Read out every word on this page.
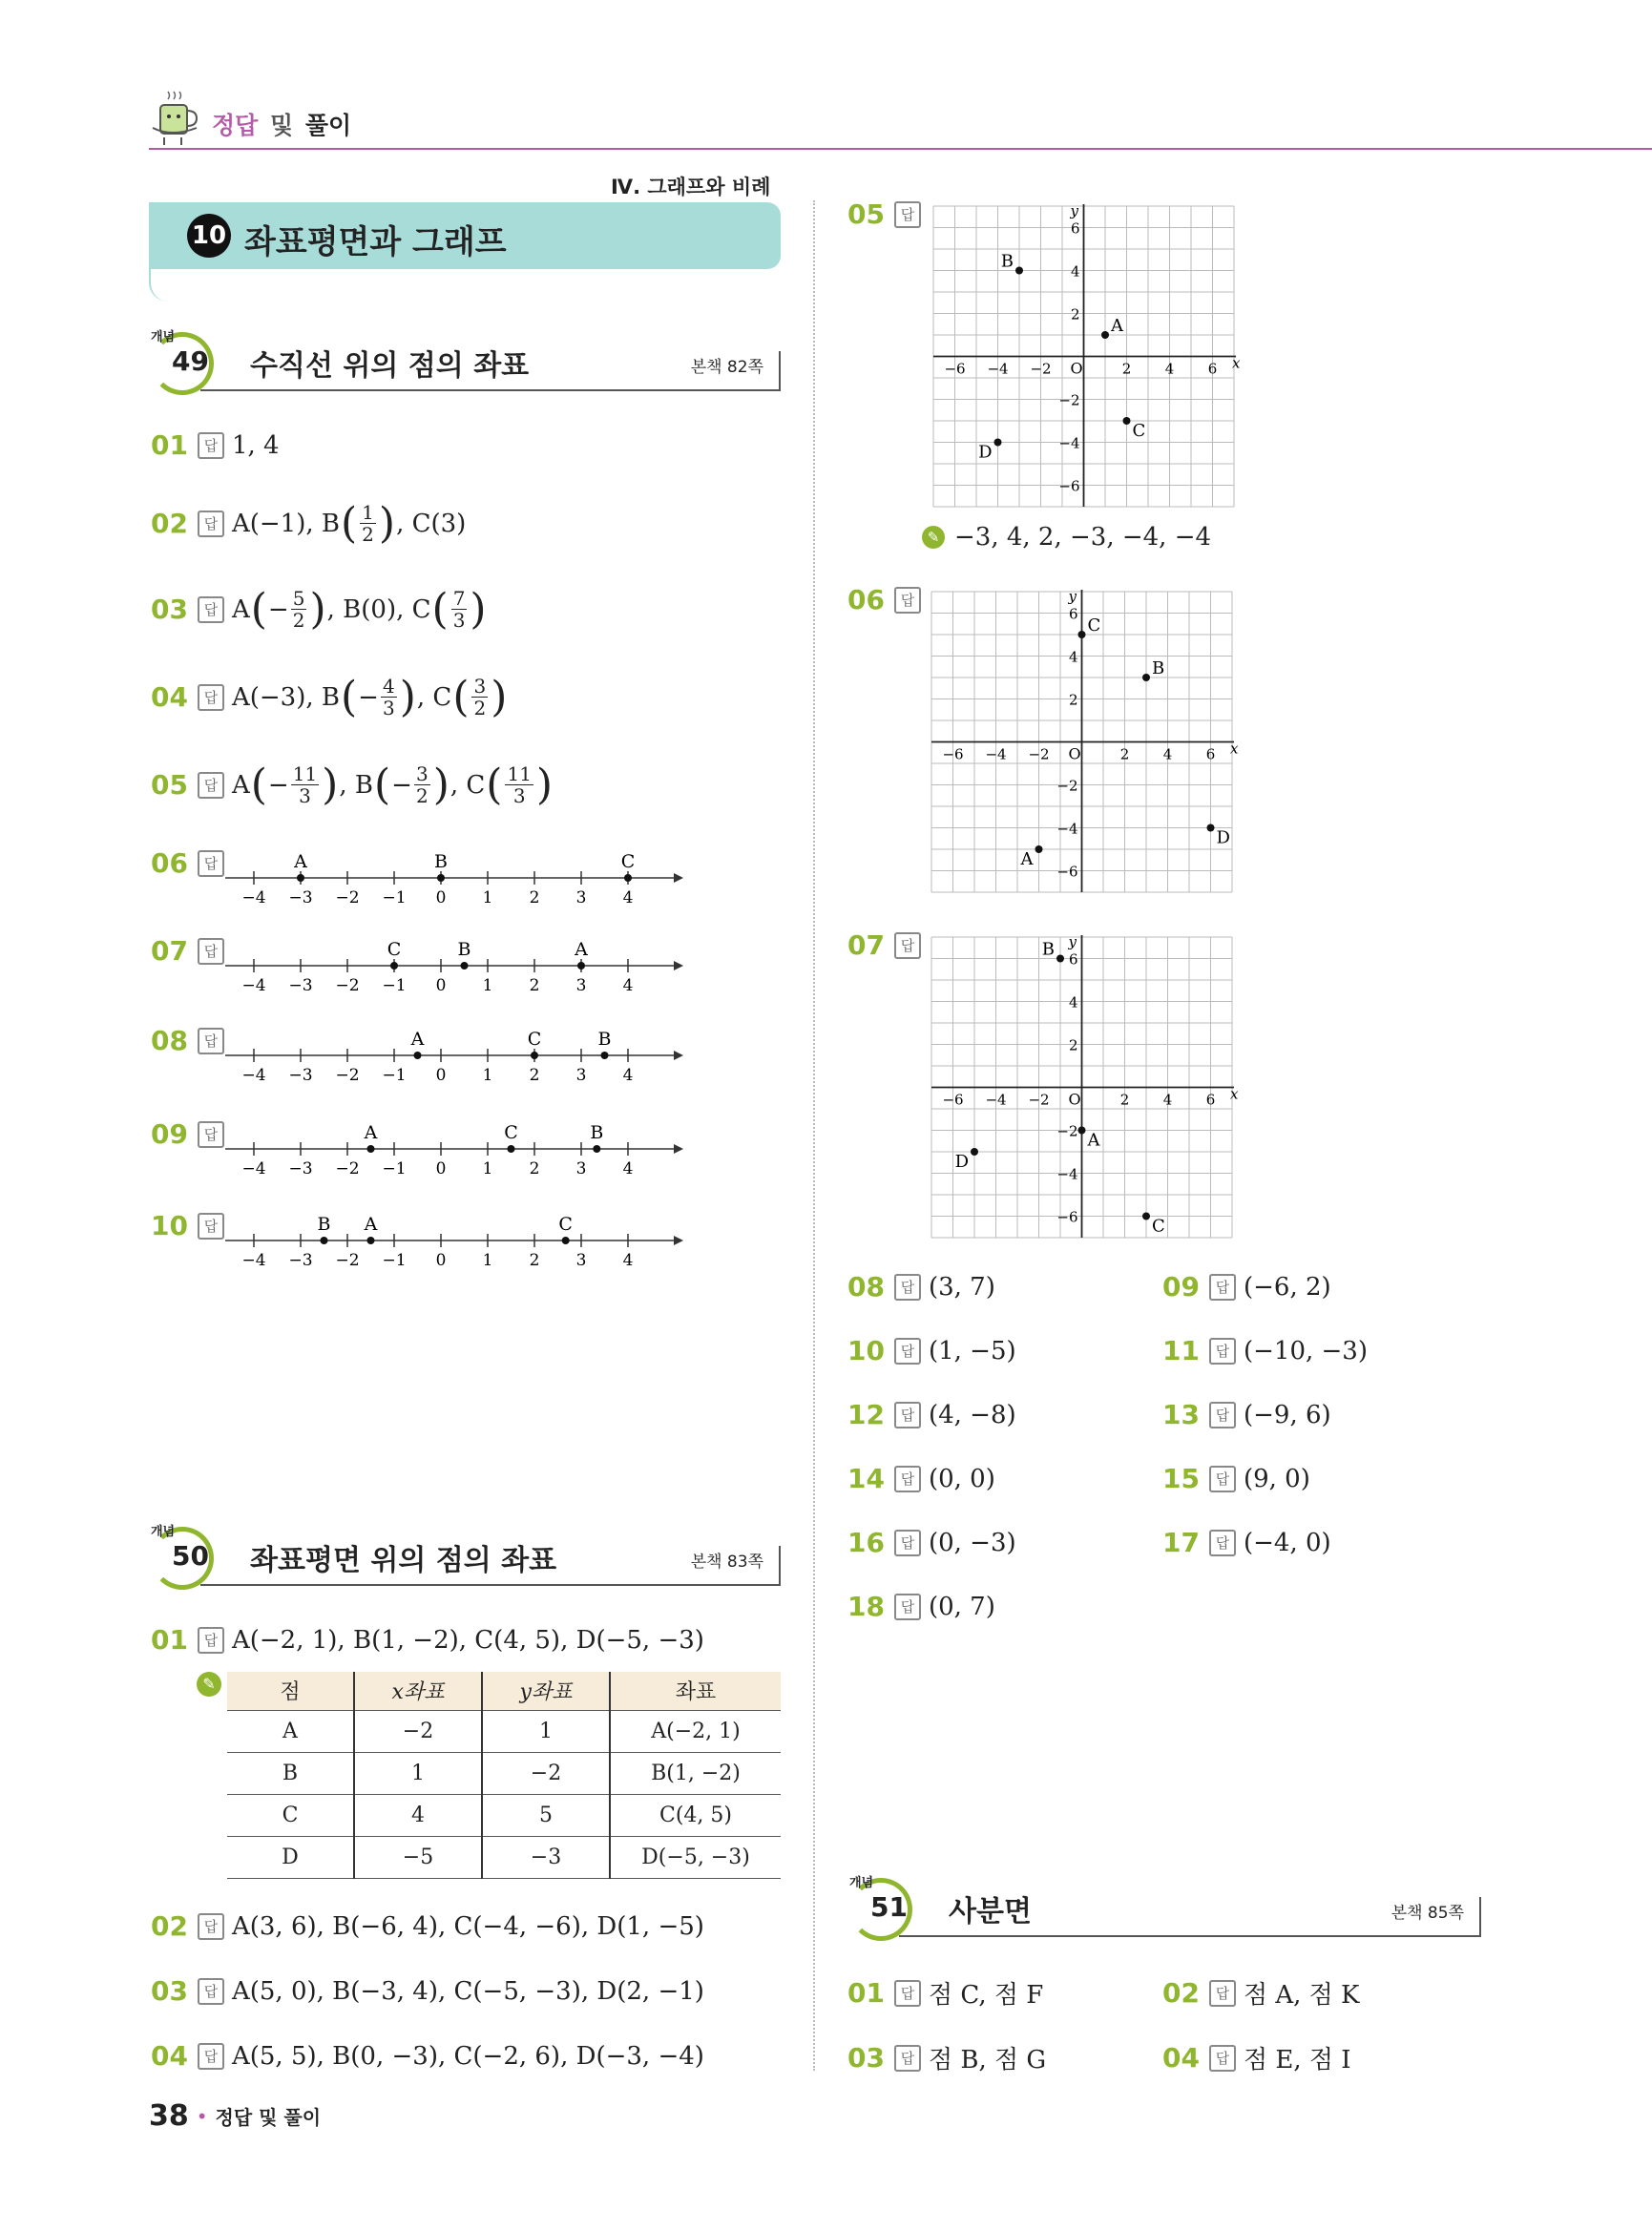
정답 및 풀이
Ⅳ. 그래프와 비례
10 좌표평면과 그래프
개념
49 수직선 위의 점의 좌표	본책 82쪽
01	답 1, 4
02	답 A(−1), B ( $\frac{1}{2}$ ) , C(3)
03	답 A ( − $\frac{5}{2}$ ) , B(0), C ( $\frac{7}{3}$ )
04	답 A(−3), B ( − $\frac{4}{3}$ ) , C ( $\frac{3}{2}$ )
05	답 A ( − $\frac{11}{3}$ ) , B ( − $\frac{3}{2}$ ) , C ( $\frac{11}{3}$ )
06	답
07	답
08	답
09	답
10	답
−4 −3 −2 −1 0 1 2 3 4
A	B	C
−4 −3 −2 −1 0 1 2 3 4
C	B	A
−4 −3 −2 −1 0 1 2 3 4
A	C	B
−4 −3 −2 −1 0 1 2 3 4
A	C	B
−4 −3 −2 −1 0 1 2 3 4
B A	C
개념
50 좌표평면 위의 점의 좌표	본책 83쪽
01	답 A(−2, 1), B(1, −2), C(4, 5), D(−5, −3)
✎	점	x좌표	y좌표	좌표
A	−2	1	A(−2, 1)
B	1	−2	B(1, −2)
C	4	5	C(4, 5)
D	−5	−3	D(−5, −3)
02	답 A(3, 6), B(−6, 4), C(−4, −6), D(1, −5)
03	답 A(5, 0), B(−3, 4), C(−5, −3), D(2, −1)
04	답 A(5, 5), B(0, −3), C(−2, 6), D(−3, −4)
05	답
x
y
O
−6 −4 −2	2 4 6
6
4
2
−2
−4
−6
A
B
C
D
✎ −3, 4, 2, −3, −4, −4
06	답
x
y
O
−6 −4 −2	2 4 6
6
4
2
−2
−4
−6
A
B
C
D
07	답
x
y
O
−6 −4 −2	2 4 6
6
4
2
−2
−4
−6
A
B
C
D
08	답 (3, 7)	09	답 (−6, 2)
10	답 (1, −5)	11	답 (−10, −3)
12	답 (4, −8)	13	답 (−9, 6)
14	답 (0, 0)	15	답 (9, 0)
16	답 (0, −3)	17	답 (−4, 0)
18	답 (0, 7)
개념
51 사분면	본책 85쪽
01	답 점 C, 점 F	02	답 점 A, 점 K
03	답 점 B, 점 G	04	답 점 E, 점 I
38 • 정답 및 풀이
